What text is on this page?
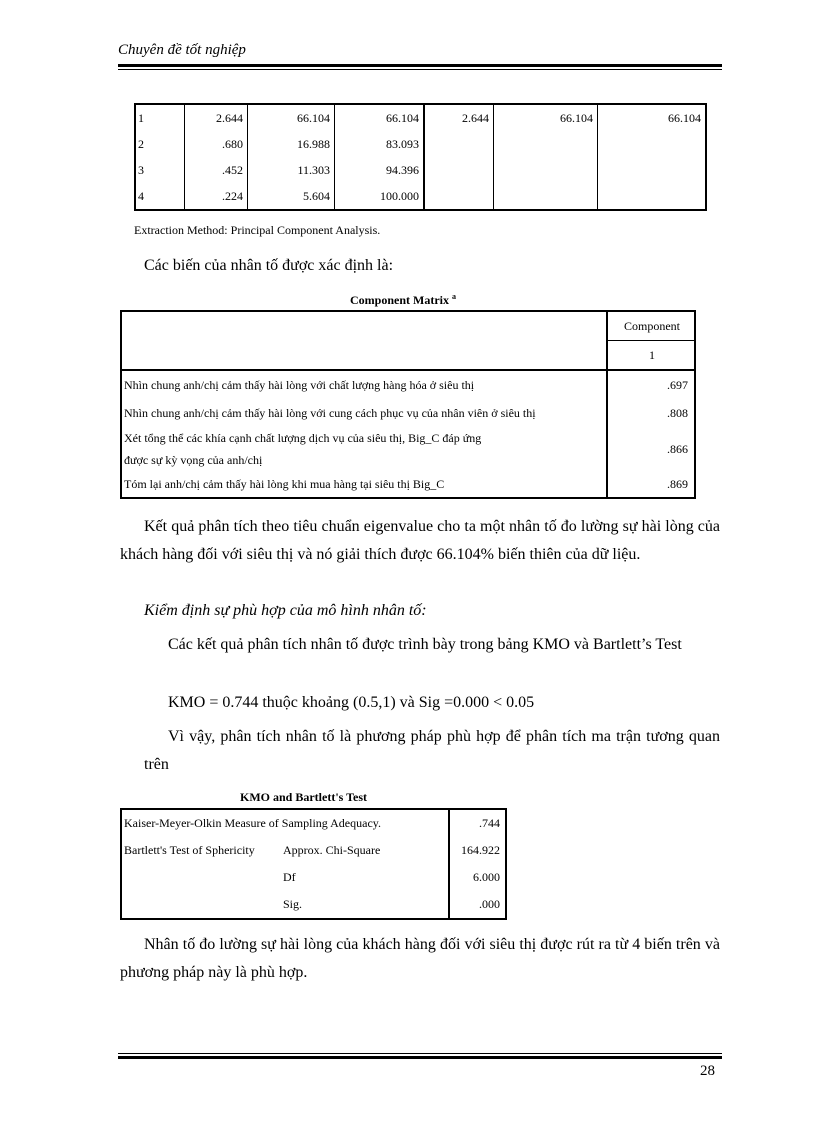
Chuyên đề tốt nghiệp
1	2.644	66.104	66.104	2.644	66.104	66.104
2	.680	16.988	83.093			
3	.452	11.303	94.396			
4	.224	5.604	100.000			
Extraction Method: Principal Component Analysis.
Các biến của nhân tố được xác định là:
Component Matrix $^a$
	Component
	1
Nhìn chung anh/chị cảm thấy hài lòng với chất lượng hàng hóa ở siêu thị	.697
Nhìn chung anh/chị cảm thấy hài lòng với cung cách phục vụ của nhân viên ở siêu thị	.808
Xét tổng thể các khía cạnh chất lượng dịch vụ của siêu thị, Big_C đáp ứng được sự kỳ vọng của anh/chị	.866
Tóm lại anh/chị cảm thấy hài lòng khi mua hàng tại siêu thị Big_C	.869
Kết quả phân tích theo tiêu chuẩn eigenvalue cho ta một nhân tố đo lường sự hài lòng của khách hàng đối với siêu thị và nó giải thích được 66.104% biến thiên của dữ liệu.
Kiểm định sự phù hợp của mô hình nhân tố:
Các kết quả phân tích nhân tố được trình bày trong bảng KMO và Bartlett’s Test
KMO = 0.744 thuộc khoảng (0.5,1) và Sig =0.000 < 0.05
Vì vậy, phân tích nhân tố là phương pháp phù hợp để phân tích ma trận tương quan trên
KMO and Bartlett's Test
Kaiser-Meyer-Olkin Measure of Sampling Adequacy.		.744
Bartlett's Test of Sphericity	Approx. Chi-Square	164.922
	Df	6.000
	Sig.	.000
Nhân tố đo lường sự hài lòng của khách hàng đối với siêu thị được rút ra từ 4 biến trên và phương pháp này là phù hợp.
28
